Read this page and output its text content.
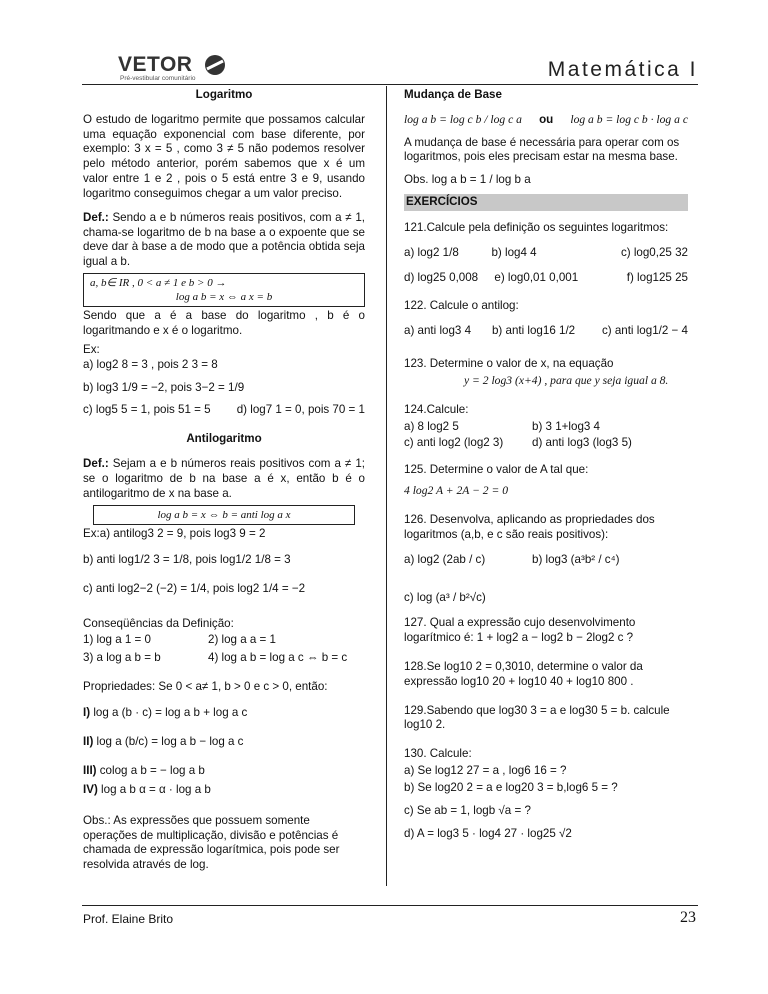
VETOR
Pré-vestibular comunitário	Matemática I
Logaritmo

O estudo de logaritmo permite que possamos calcular uma equação exponencial com base diferente, por exemplo: 3 x = 5 , como 3 ≠ 5 não podemos resolver pelo método anterior, porém sabemos que x é um valor entre 1 e 2 , pois o 5 está entre 3 e 9, usando logaritmo conseguimos chegar a um valor preciso.

Def.: Sendo a e b números reais positivos, com a ≠ 1, chama-se logaritmo de b na base a o expoente que se deve dar à base a de modo que a potência obtida seja igual a b.

a, b∈ IR , 0 < a ≠ 1 e b > 0 →
log a b = x ⇔ a x = b
Sendo que a é a base do logaritmo , b é o logaritmando e x é o logaritmo.
Ex:
a) log2 8 = 3 , pois 2 3 = 8
b) log3 1/9 = −2, pois 3−2 = 1/9
c) log5 5 = 1, pois 51 = 5 d) log7 1 = 0, pois 70 = 1
Antilogaritmo

Def.: Sejam a e b números reais positivos com a ≠ 1; se o logaritmo de b na base a é x, então b é o antilogaritmo de x na base a.

log a b = x ⇔ b = anti log a x
Ex:a) antilog3 2 = 9, pois log3 9 = 2
b) anti log1/2 3 = 1/8, pois log1/2 1/8 = 3
c) anti log2−2 (−2) = 1/4, pois log2 1/4 = −2
Conseqüências da Definição:
1) log a 1 = 0	2) log a a = 1
3) a log a b = b	4) log a b = log a c ⇔ b = c
Propriedades: Se 0 < a≠ 1, b > 0 e c > 0, então:
I) log a (b · c) = log a b + log a c
II) log a (b/c) = log a b − log a c
III) colog a b = − log a b
IV) log a b α = α · log a b
Obs.: As expressões que possuem somente operações de multiplicação, divisão e potências é chamada de expressão logarítmica, pois pode ser resolvida através de log.
Mudança de Base
log a b = log c b / log c a ou log a b = log c b · log a c
A mudança de base é necessária para operar com os logaritmos, pois eles precisam estar na mesma base.
Obs. log a b = 1 / log b a
EXERCÍCIOS
121.Calcule pela definição os seguintes logaritmos:
a) log2 1/8	b) log4 4	c) log0,25 32
d) log25 0,008	e) log0,01 0,001	f) log125 25
122. Calcule o antilog:
a) anti log3 4	b) anti log16 1/2	c) anti log1/2 − 4
123. Determine o valor de x, na equação
y = 2 log3 (x+4) , para que y seja igual a 8.
124.Calcule:
a) 8 log2 5	b) 3 1+log3 4
c) anti log2 (log2 3)	d) anti log3 (log3 5)
125. Determine o valor de A tal que:
4 log2 A + 2A − 2 = 0
126. Desenvolva, aplicando as propriedades dos logaritmos (a,b, e c são reais positivos):
a) log2 (2ab / c)	b) log3 (a³b² / c⁴)
c) log (a³ / b²√c)
127. Qual a expressão cujo desenvolvimento logarítmico é: 1 + log2 a − log2 b − 2log2 c ?
128.Se log10 2 = 0,3010, determine o valor da expressão log10 20 + log10 40 + log10 800 .
129.Sabendo que log30 3 = a e log30 5 = b. calcule log10 2.
130. Calcule:
a) Se log12 27 = a , log6 16 = ?
b) Se log20 2 = a e log20 3 = b,log6 5 = ?
c) Se ab = 1, logb √a = ?
d) A = log3 5 · log4 27 · log25 √2
Prof. Elaine Brito	23
